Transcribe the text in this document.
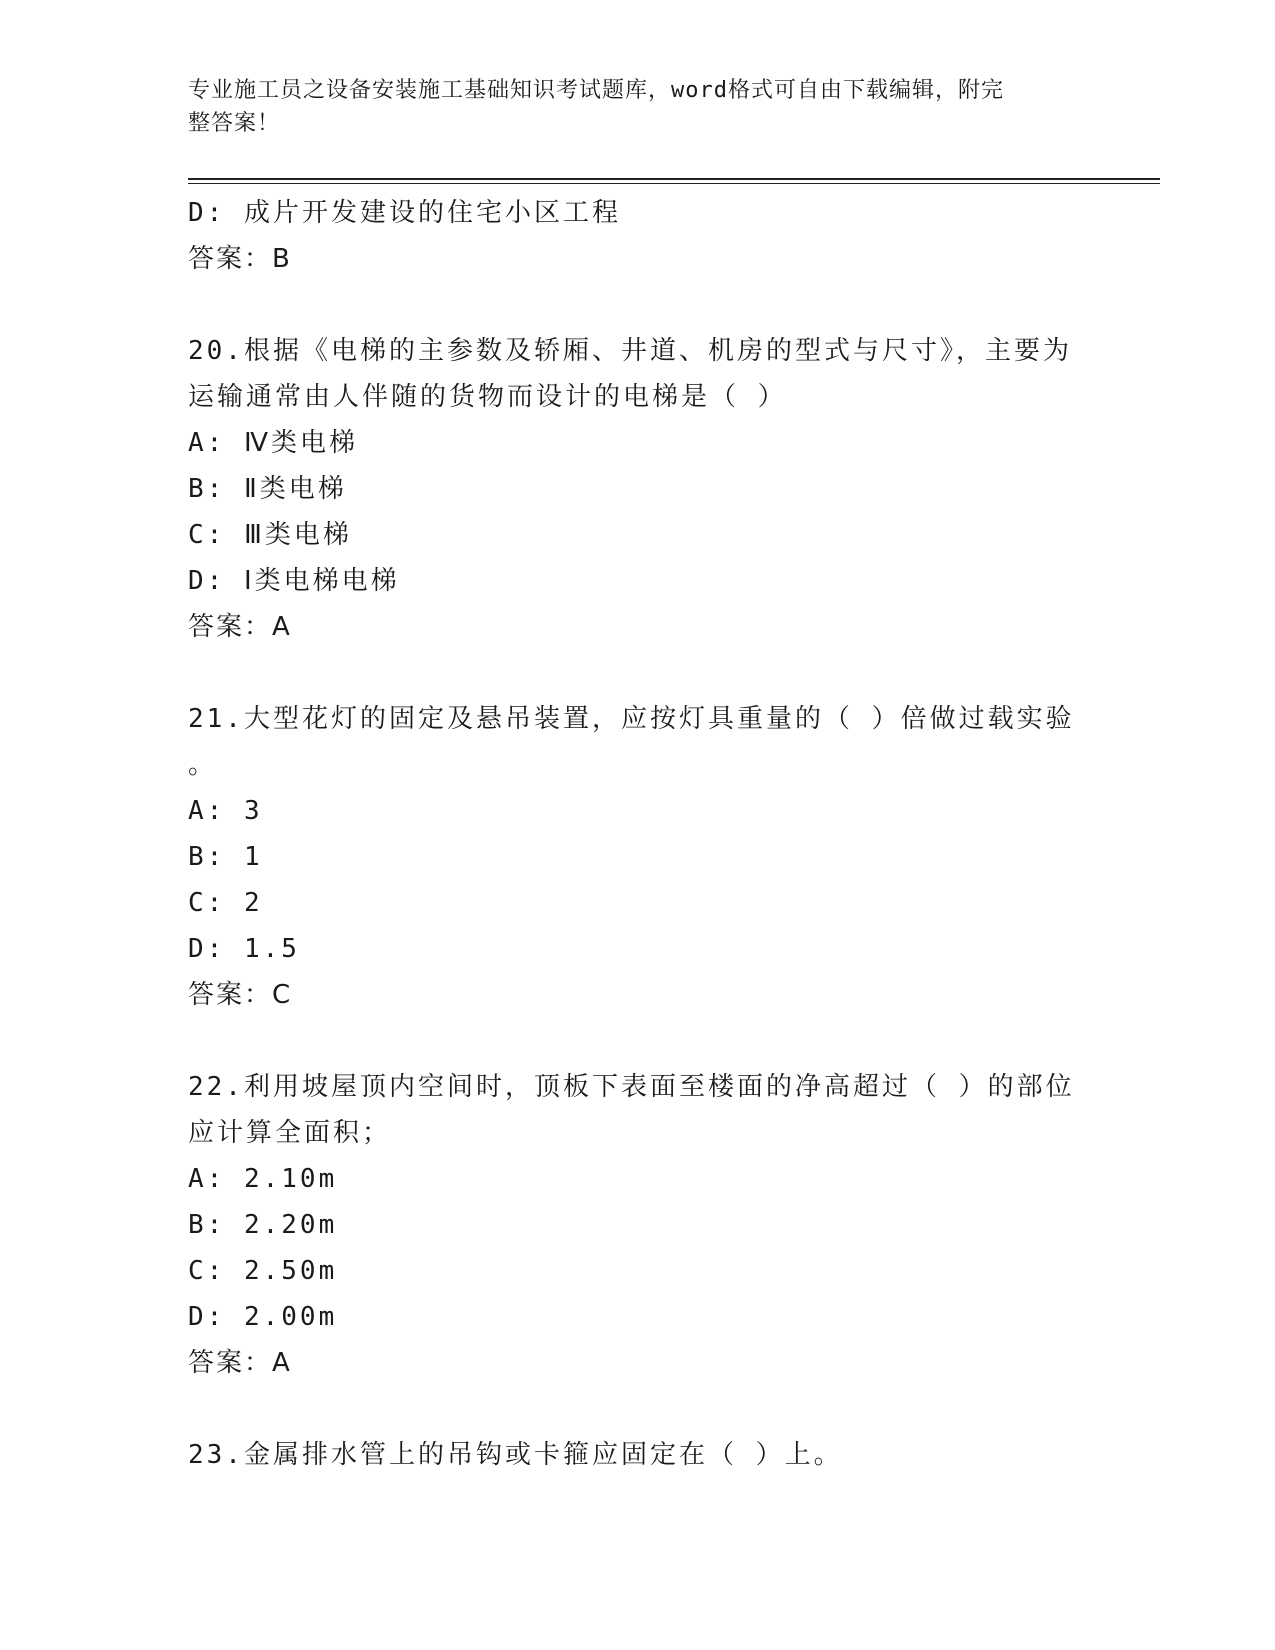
专业施工员之设备安装施工基础知识考试题库，word格式可自由下载编辑，附完
整答案！
D: 成片开发建设的住宅小区工程
答案：B
20.根据《电梯的主参数及轿厢、井道、机房的型式与尺寸》，主要为
运输通常由人伴随的货物而设计的电梯是（ ）
A: Ⅳ类电梯
B: Ⅱ类电梯
C: Ⅲ类电梯
D: Ⅰ类电梯电梯
答案：A
21.大型花灯的固定及悬吊装置，应按灯具重量的（ ）倍做过载实验
。
A: 3
B: 1
C: 2
D: 1.5
答案：C
22.利用坡屋顶内空间时，顶板下表面至楼面的净高超过（ ）的部位
应计算全面积；
A: 2.10m
B: 2.20m
C: 2.50m
D: 2.00m
答案：A
23.金属排水管上的吊钩或卡箍应固定在（ ）上。
